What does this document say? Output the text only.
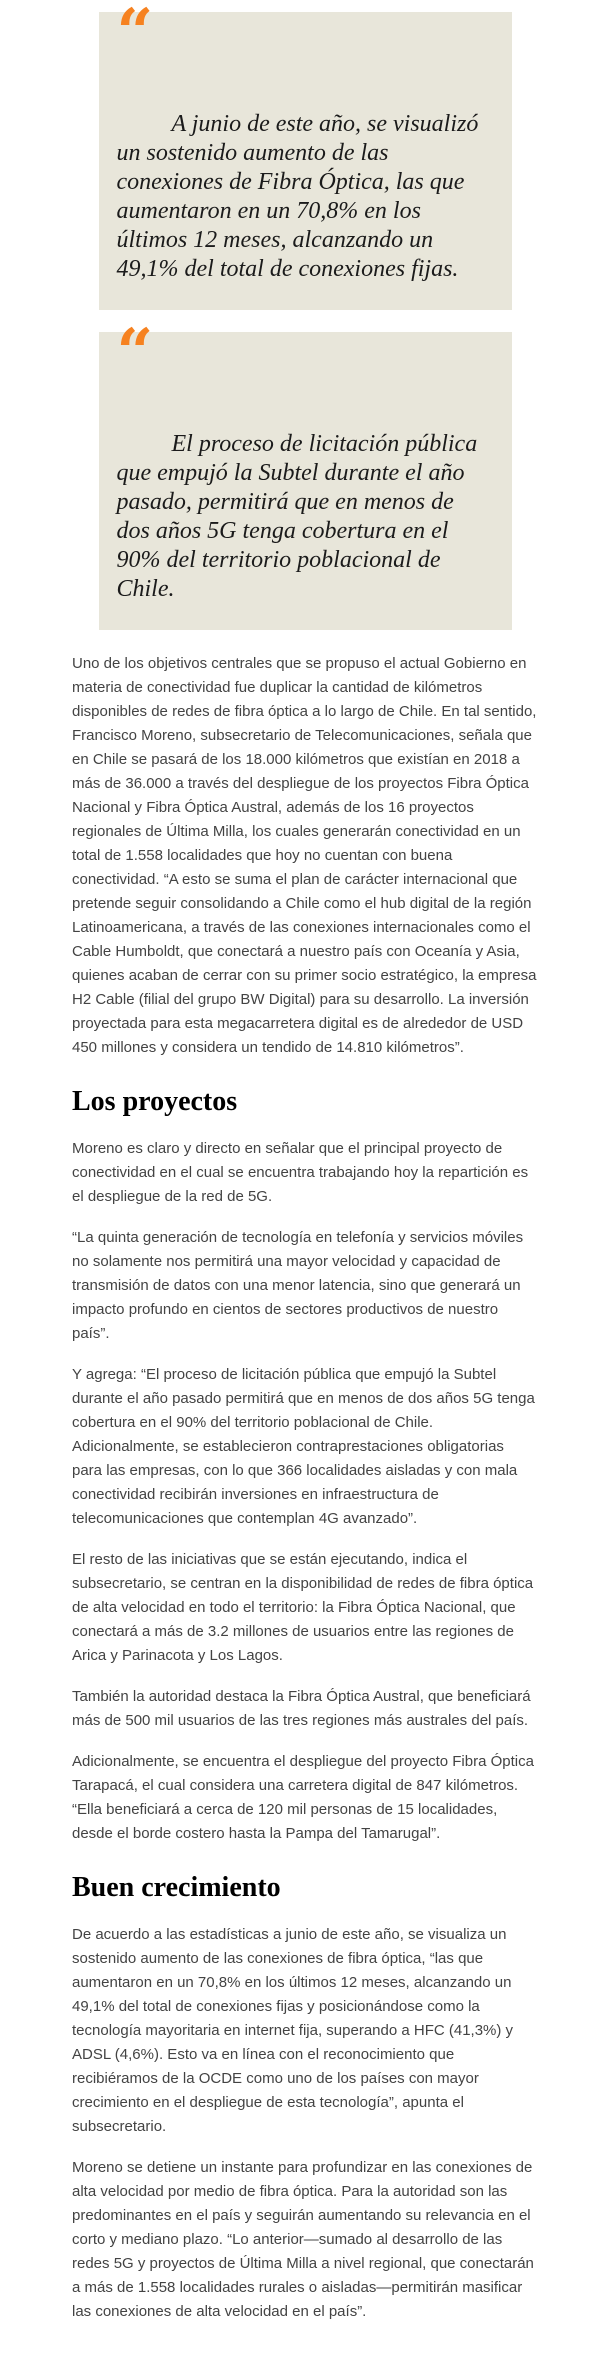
“
A junio de este año, se visualizó un sostenido aumento de las conexiones de Fibra Óptica, las que aumentaron en un 70,8% en los últimos 12 meses, alcanzando un 49,1% del total de conexiones fijas.
“
El proceso de licitación pública que empujó la Subtel durante el año pasado, permitirá que en menos de dos años 5G tenga cobertura en el 90% del territorio poblacional de Chile.

Uno de los objetivos centrales que se propuso el actual Gobierno en materia de conectividad fue duplicar la cantidad de kilómetros disponibles de redes de fibra óptica a lo largo de Chile. En tal sentido, Francisco Moreno, subsecretario de Telecomunicaciones, señala que en Chile se pasará de los 18.000 kilómetros que existían en 2018 a más de 36.000 a través del despliegue de los proyectos Fibra Óptica Nacional y Fibra Óptica Austral, además de los 16 proyectos regionales de Última Milla, los cuales generarán conectividad en un total de 1.558 localidades que hoy no cuentan con buena conectividad. “A esto se suma el plan de carácter internacional que pretende seguir consolidando a Chile como el hub digital de la región Latinoamericana, a través de las conexiones internacionales como el Cable Humboldt, que conectará a nuestro país con Oceanía y Asia, quienes acaban de cerrar con su primer socio estratégico, la empresa H2 Cable (filial del grupo BW Digital) para su desarrollo. La inversión proyectada para esta megacarretera digital es de alrededor de USD 450 millones y considera un tendido de 14.810 kilómetros”.

Los proyectos

Moreno es claro y directo en señalar que el principal proyecto de conectividad en el cual se encuentra trabajando hoy la repartición es el despliegue de la red de 5G.

“La quinta generación de tecnología en telefonía y servicios móviles no solamente nos permitirá una mayor velocidad y capacidad de transmisión de datos con una menor latencia, sino que generará un impacto profundo en cientos de sectores productivos de nuestro país”.

Y agrega: “El proceso de licitación pública que empujó la Subtel durante el año pasado permitirá que en menos de dos años 5G tenga cobertura en el 90% del territorio poblacional de Chile. Adicionalmente, se establecieron contraprestaciones obligatorias para las empresas, con lo que 366 localidades aisladas y con mala conectividad recibirán inversiones en infraestructura de telecomunicaciones que contemplan 4G avanzado”.

El resto de las iniciativas que se están ejecutando, indica el subsecretario, se centran en la disponibilidad de redes de fibra óptica de alta velocidad en todo el territorio: la Fibra Óptica Nacional, que conectará a más de 3.2 millones de usuarios entre las regiones de Arica y Parinacota y Los Lagos.

También la autoridad destaca la Fibra Óptica Austral, que beneficiará más de 500 mil usuarios de las tres regiones más australes del país.

Adicionalmente, se encuentra el despliegue del proyecto Fibra Óptica Tarapacá, el cual considera una carretera digital de 847 kilómetros. “Ella beneficiará a cerca de 120 mil personas de 15 localidades, desde el borde costero hasta la Pampa del Tamarugal”.

Buen crecimiento

De acuerdo a las estadísticas a junio de este año, se visualiza un sostenido aumento de las conexiones de fibra óptica, “las que aumentaron en un 70,8% en los últimos 12 meses, alcanzando un 49,1% del total de conexiones fijas y posicionándose como la tecnología mayoritaria en internet fija, superando a HFC (41,3%) y ADSL (4,6%). Esto va en línea con el reconocimiento que recibiéramos de la OCDE como uno de los países con mayor crecimiento en el despliegue de esta tecnología”, apunta el subsecretario.

Moreno se detiene un instante para profundizar en las conexiones de alta velocidad por medio de fibra óptica. Para la autoridad son las predominantes en el país y seguirán aumentando su relevancia en el corto y mediano plazo. “Lo anterior—sumado al desarrollo de las redes 5G y proyectos de Última Milla a nivel regional, que conectarán a más de 1.558 localidades rurales o aisladas—permitirán masificar las conexiones de alta velocidad en el país”.
